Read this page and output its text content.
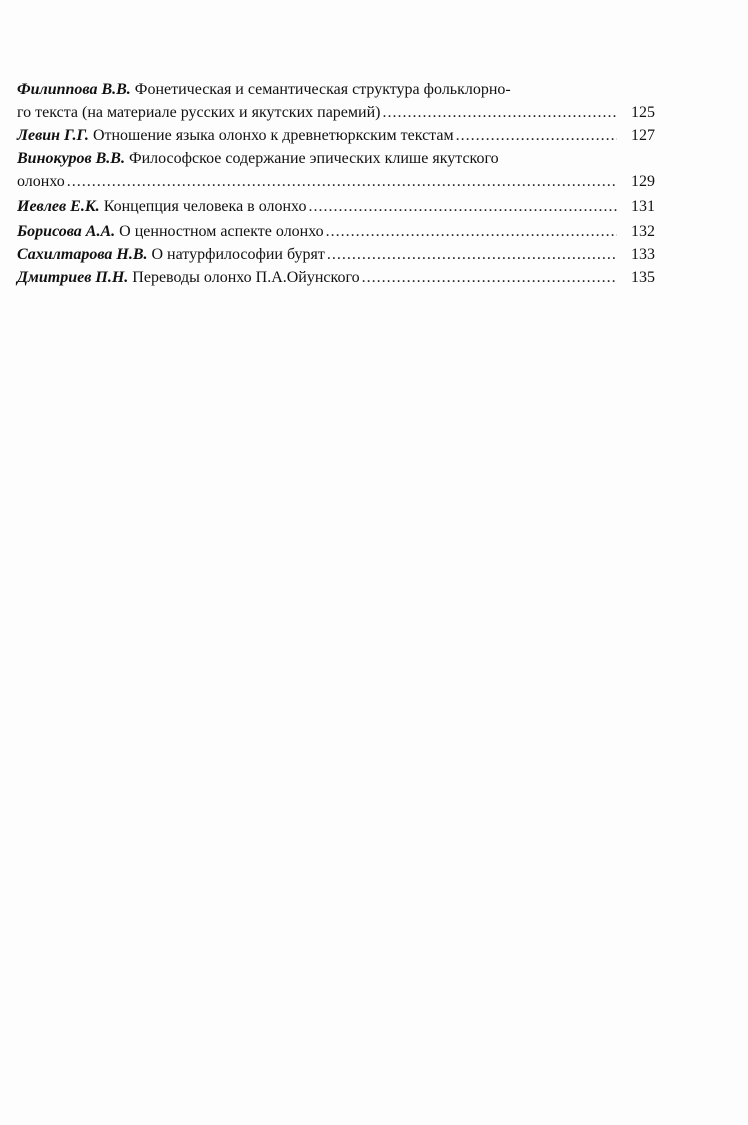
Филиппова В.В. Фонетическая и семантическая структура фольклорно-
го текста (на материале русских и якутских паремий) .....	125
Левин Г.Г.
Отношение языка олонхо к древнетюркским текстам .....	127
Винокуров В.В. Философское содержание эпических клише якутского
олонхо .....	129
Иевлев Е.К.
Концепция человека в олонхо .....	131
Борисова А.А.
О ценностном аспекте олонхо .....	132
Сахилтарова Н.В.
О натурфилософии бурят .....	133
Дмитриев П.Н.
Переводы олонхо П.А.Ойунского .....	135
